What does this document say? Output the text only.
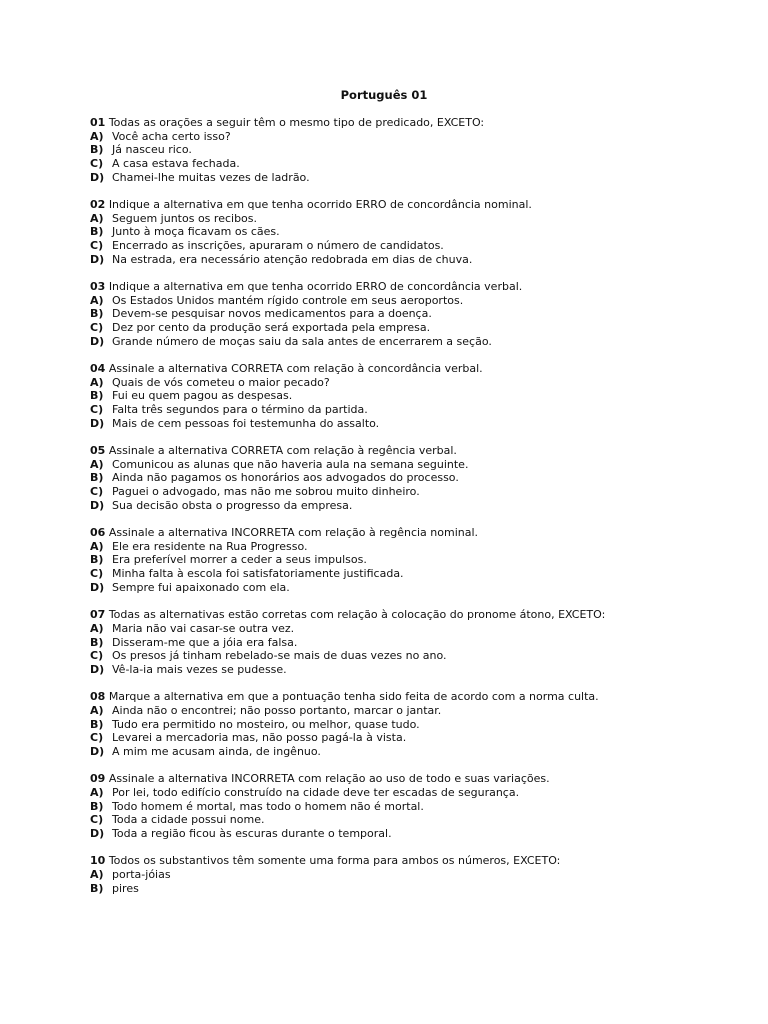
Português 01
01 Todas as orações a seguir têm o mesmo tipo de predicado, EXCETO:
A) Você acha certo isso?
B) Já nasceu rico.
C) A casa estava fechada.
D) Chamei-lhe muitas vezes de ladrão.
02 Indique a alternativa em que tenha ocorrido ERRO de concordância nominal.
A) Seguem juntos os recibos.
B) Junto à moça ficavam os cães.
C) Encerrado as inscrições, apuraram o número de candidatos.
D) Na estrada, era necessário atenção redobrada em dias de chuva.
03 Indique a alternativa em que tenha ocorrido ERRO de concordância verbal.
A) Os Estados Unidos mantém rígido controle em seus aeroportos.
B) Devem-se pesquisar novos medicamentos para a doença.
C) Dez por cento da produção será exportada pela empresa.
D) Grande número de moças saiu da sala antes de encerrarem a seção.
04 Assinale a alternativa CORRETA com relação à concordância verbal.
A) Quais de vós cometeu o maior pecado?
B) Fui eu quem pagou as despesas.
C) Falta três segundos para o término da partida.
D) Mais de cem pessoas foi testemunha do assalto.
05 Assinale a alternativa CORRETA com relação à regência verbal.
A) Comunicou as alunas que não haveria aula na semana seguinte.
B) Ainda não pagamos os honorários aos advogados do processo.
C) Paguei o advogado, mas não me sobrou muito dinheiro.
D) Sua decisão obsta o progresso da empresa.
06 Assinale a alternativa INCORRETA com relação à regência nominal.
A) Ele era residente na Rua Progresso.
B) Era preferível morrer a ceder a seus impulsos.
C) Minha falta à escola foi satisfatoriamente justificada.
D) Sempre fui apaixonado com ela.
07 Todas as alternativas estão corretas com relação à colocação do pronome átono, EXCETO:
A) Maria não vai casar-se outra vez.
B) Disseram-me que a jóia era falsa.
C) Os presos já tinham rebelado-se mais de duas vezes no ano.
D) Vê-la-ia mais vezes se pudesse.
08 Marque a alternativa em que a pontuação tenha sido feita de acordo com a norma culta.
A) Ainda não o encontrei; não posso portanto, marcar o jantar.
B) Tudo era permitido no mosteiro, ou melhor, quase tudo.
C) Levarei a mercadoria mas, não posso pagá-la à vista.
D) A mim me acusam ainda, de ingênuo.
09 Assinale a alternativa INCORRETA com relação ao uso de todo e suas variações.
A) Por lei, todo edifício construído na cidade deve ter escadas de segurança.
B) Todo homem é mortal, mas todo o homem não é mortal.
C) Toda a cidade possui nome.
D) Toda a região ficou às escuras durante o temporal.
10 Todos os substantivos têm somente uma forma para ambos os números, EXCETO:
A) porta-jóias
B) pires
